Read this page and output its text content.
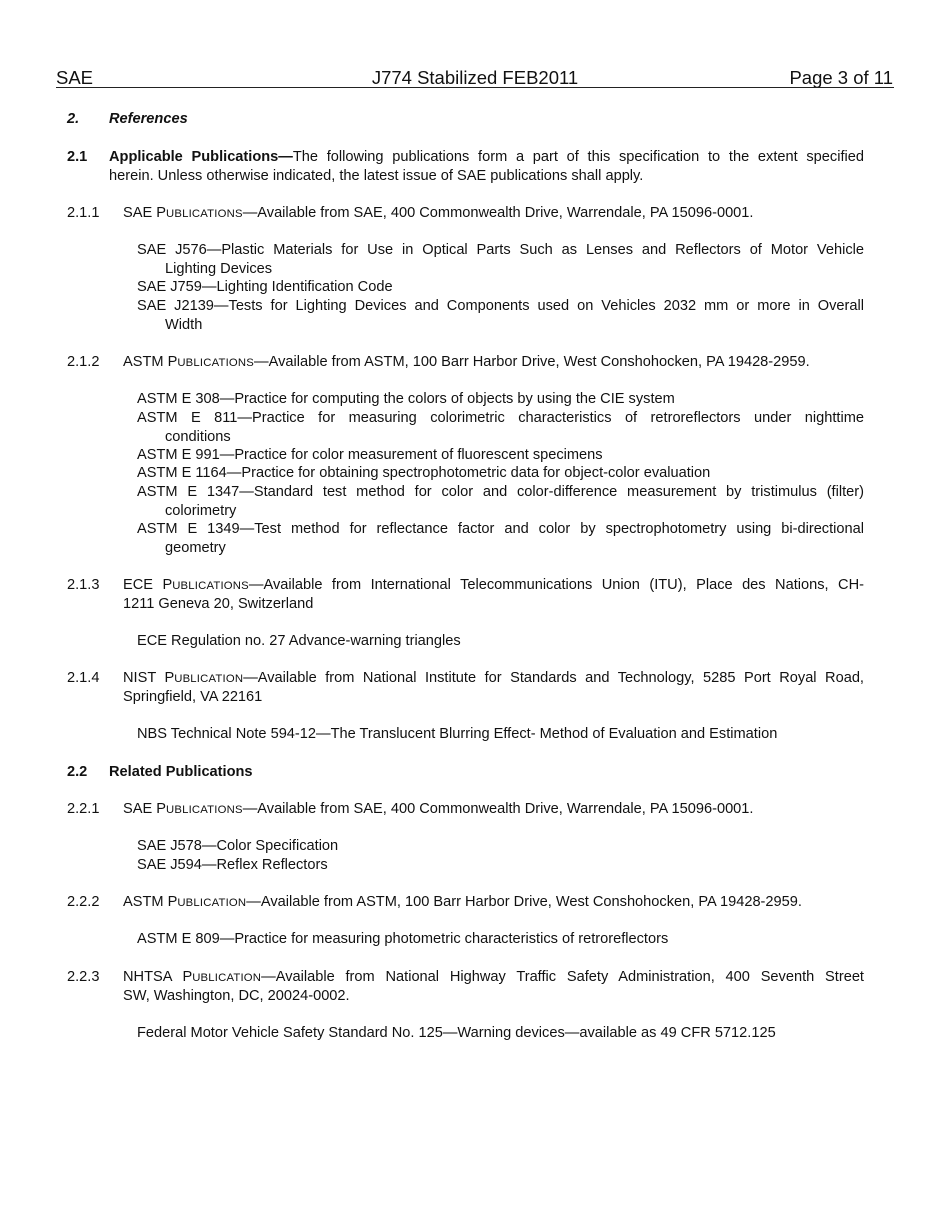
SAE	J774 Stabilized FEB2011	Page 3 of 11
2. References
2.1 Applicable Publications—The following publications form a part of this specification to the extent specified
herein. Unless otherwise indicated, the latest issue of SAE publications shall apply.
2.1.1 SAE PUBLICATIONS—Available from SAE, 400 Commonwealth Drive, Warrendale, PA 15096-0001.
SAE J576—Plastic Materials for Use in Optical Parts Such as Lenses and Reflectors of Motor Vehicle
Lighting Devices
SAE J759—Lighting Identification Code
SAE J2139—Tests for Lighting Devices and Components used on Vehicles 2032 mm or more in Overall
Width
2.1.2 ASTM PUBLICATIONS—Available from ASTM, 100 Barr Harbor Drive, West Conshohocken, PA 19428-2959.
ASTM E 308—Practice for computing the colors of objects by using the CIE system
ASTM E 811—Practice for measuring colorimetric characteristics of retroreflectors under nighttime
conditions
ASTM E 991—Practice for color measurement of fluorescent specimens
ASTM E 1164—Practice for obtaining spectrophotometric data for object-color evaluation
ASTM E 1347—Standard test method for color and color-difference measurement by tristimulus (filter)
colorimetry
ASTM E 1349—Test method for reflectance factor and color by spectrophotometry using bi-directional
geometry
2.1.3 ECE PUBLICATIONS—Available from International Telecommunications Union (ITU), Place des Nations, CH-
1211 Geneva 20, Switzerland
ECE Regulation no. 27 Advance-warning triangles
2.1.4 NIST PUBLICATION—Available from National Institute for Standards and Technology, 5285 Port Royal Road,
Springfield, VA 22161
NBS Technical Note 594-12—The Translucent Blurring Effect- Method of Evaluation and Estimation
2.2 Related Publications
2.2.1 SAE PUBLICATIONS—Available from SAE, 400 Commonwealth Drive, Warrendale, PA 15096-0001.
SAE J578—Color Specification
SAE J594—Reflex Reflectors
2.2.2 ASTM PUBLICATION—Available from ASTM, 100 Barr Harbor Drive, West Conshohocken, PA 19428-2959.
ASTM E 809—Practice for measuring photometric characteristics of retroreflectors
2.2.3 NHTSA PUBLICATION—Available from National Highway Traffic Safety Administration, 400 Seventh Street
SW, Washington, DC, 20024-0002.
Federal Motor Vehicle Safety Standard No. 125—Warning devices—available as 49 CFR 5712.125
